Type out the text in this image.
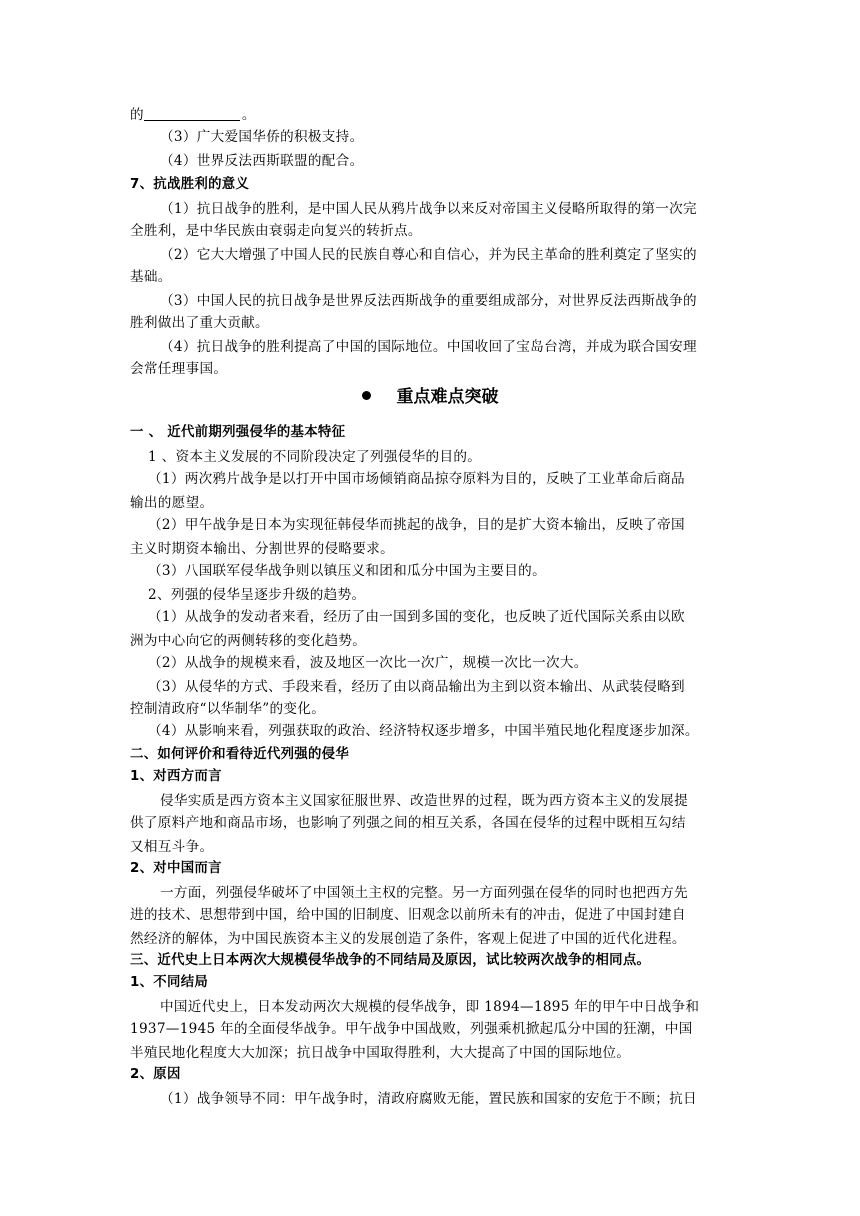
的	。
（3）广大爱国华侨的积极支持。
（4）世界反法西斯联盟的配合。
7、抗战胜利的意义
（1）抗日战争的胜利，是中国人民从鸦片战争以来反对帝国主义侵略所取得的第一次完
全胜利，是中华民族由衰弱走向复兴的转折点。
（2）它大大增强了中国人民的民族自尊心和自信心，并为民主革命的胜利奠定了坚实的
基础。
（3）中国人民的抗日战争是世界反法西斯战争的重要组成部分，对世界反法西斯战争的
胜利做出了重大贡献。
（4）抗日战争的胜利提高了中国的国际地位。中国收回了宝岛台湾，并成为联合国安理
会常任理事国。
重点难点突破
一 、 近代前期列强侵华的基本特征
1 、资本主义发展的不同阶段决定了列强侵华的目的。
（1）两次鸦片战争是以打开中国市场倾销商品掠夺原料为目的，反映了工业革命后商品
输出的愿望。
（2）甲午战争是日本为实现征韩侵华而挑起的战争，目的是扩大资本输出，反映了帝国
主义时期资本输出、分割世界的侵略要求。
（3）八国联军侵华战争则以镇压义和团和瓜分中国为主要目的。
2、列强的侵华呈逐步升级的趋势。
（1）从战争的发动者来看，经历了由一国到多国的变化，也反映了近代国际关系由以欧
洲为中心向它的两侧转移的变化趋势。
（2）从战争的规模来看，波及地区一次比一次广，规模一次比一次大。
（3）从侵华的方式、手段来看，经历了由以商品输出为主到以资本输出、从武装侵略到
控制清政府“以华制华”的变化。
（4）从影响来看，列强获取的政治、经济特权逐步增多，中国半殖民地化程度逐步加深。
二、如何评价和看待近代列强的侵华
1、对西方而言
侵华实质是西方资本主义国家征服世界、改造世界的过程，既为西方资本主义的发展提
供了原料产地和商品市场，也影响了列强之间的相互关系，各国在侵华的过程中既相互勾结
又相互斗争。
2、对中国而言
一方面，列强侵华破坏了中国领土主权的完整。另一方面列强在侵华的同时也把西方先
进的技术、思想带到中国，给中国的旧制度、旧观念以前所未有的冲击，促进了中国封建自
然经济的解体，为中国民族资本主义的发展创造了条件，客观上促进了中国的近代化进程。
三、近代史上日本两次大规模侵华战争的不同结局及原因，试比较两次战争的相同点。
1、不同结局
中国近代史上，日本发动两次大规模的侵华战争，即 1894—1895 年的甲午中日战争和
1937—1945 年的全面侵华战争。甲午战争中国战败，列强乘机掀起瓜分中国的狂潮，中国
半殖民地化程度大大加深；抗日战争中国取得胜利，大大提高了中国的国际地位。
2、原因
（1）战争领导不同：甲午战争时，清政府腐败无能，置民族和国家的安危于不顾；抗日
